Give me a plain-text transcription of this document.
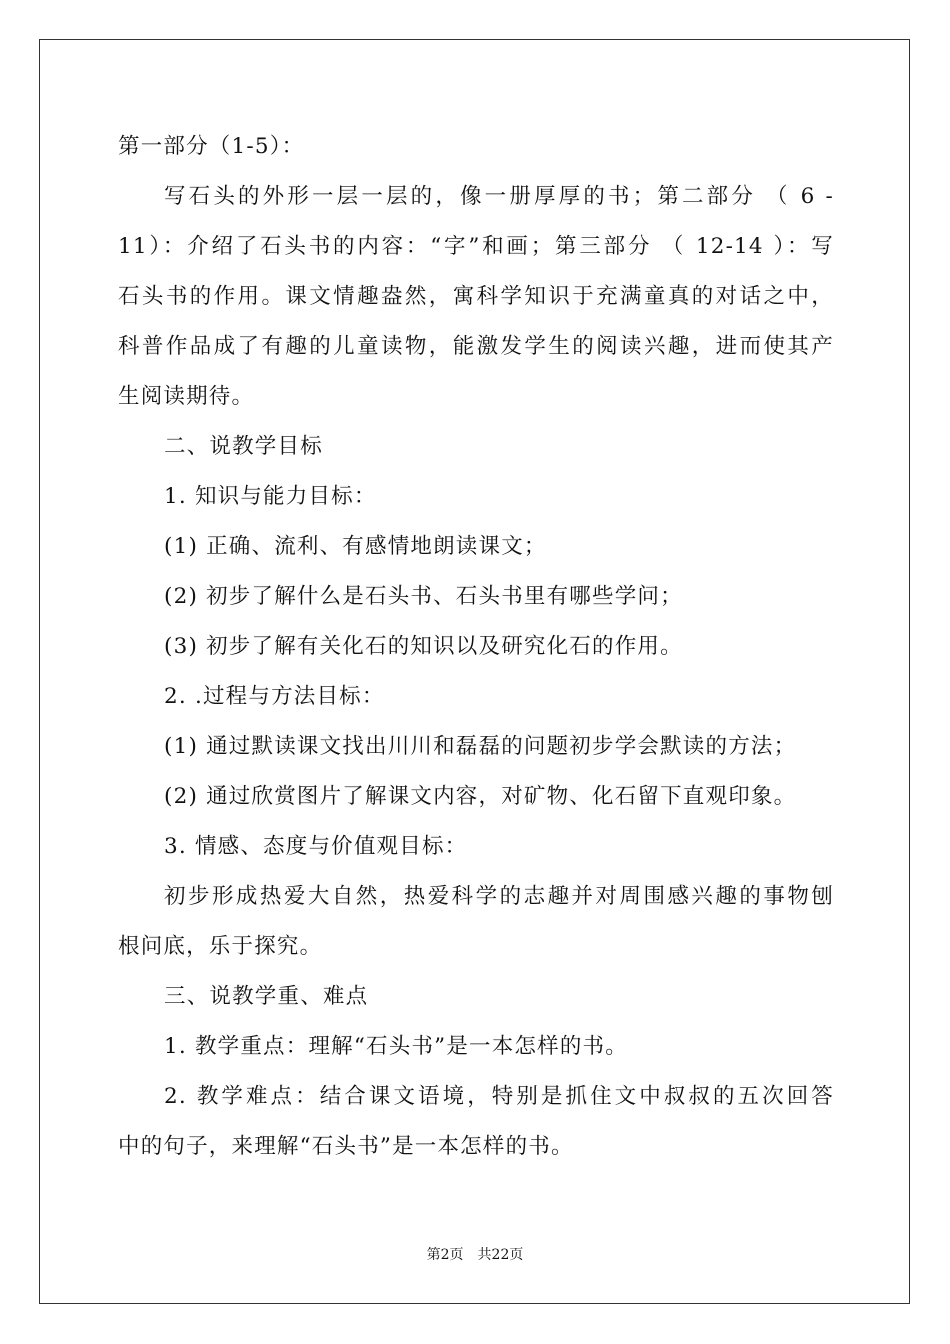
第一部分（1-5）：

写石头的外形一层一层的，像一册厚厚的书；第二部分 （ 6 -
11）：介绍了石头书的内容：“字”和画；第三部分 （ 12-14 ）：写
石头书的作用。课文情趣盎然，寓科学知识于充满童真的对话之中，
科普作品成了有趣的儿童读物，能激发学生的阅读兴趣，进而使其产
生阅读期待。

二、说教学目标

1. 知识与能力目标：

(1) 正确、流利、有感情地朗读课文；

(2) 初步了解什么是石头书、石头书里有哪些学问；

(3) 初步了解有关化石的知识以及研究化石的作用。

2. .过程与方法目标：

(1) 通过默读课文找出川川和磊磊的问题初步学会默读的方法；

(2) 通过欣赏图片了解课文内容，对矿物、化石留下直观印象。

3. 情感、态度与价值观目标：

初步形成热爱大自然，热爱科学的志趣并对周围感兴趣的事物刨
根问底，乐于探究。

三、说教学重、难点

1. 教学重点：理解“石头书”是一本怎样的书。

2. 教学难点：结合课文语境，特别是抓住文中叔叔的五次回答
中的句子，来理解“石头书”是一本怎样的书。

第2页　共22页
